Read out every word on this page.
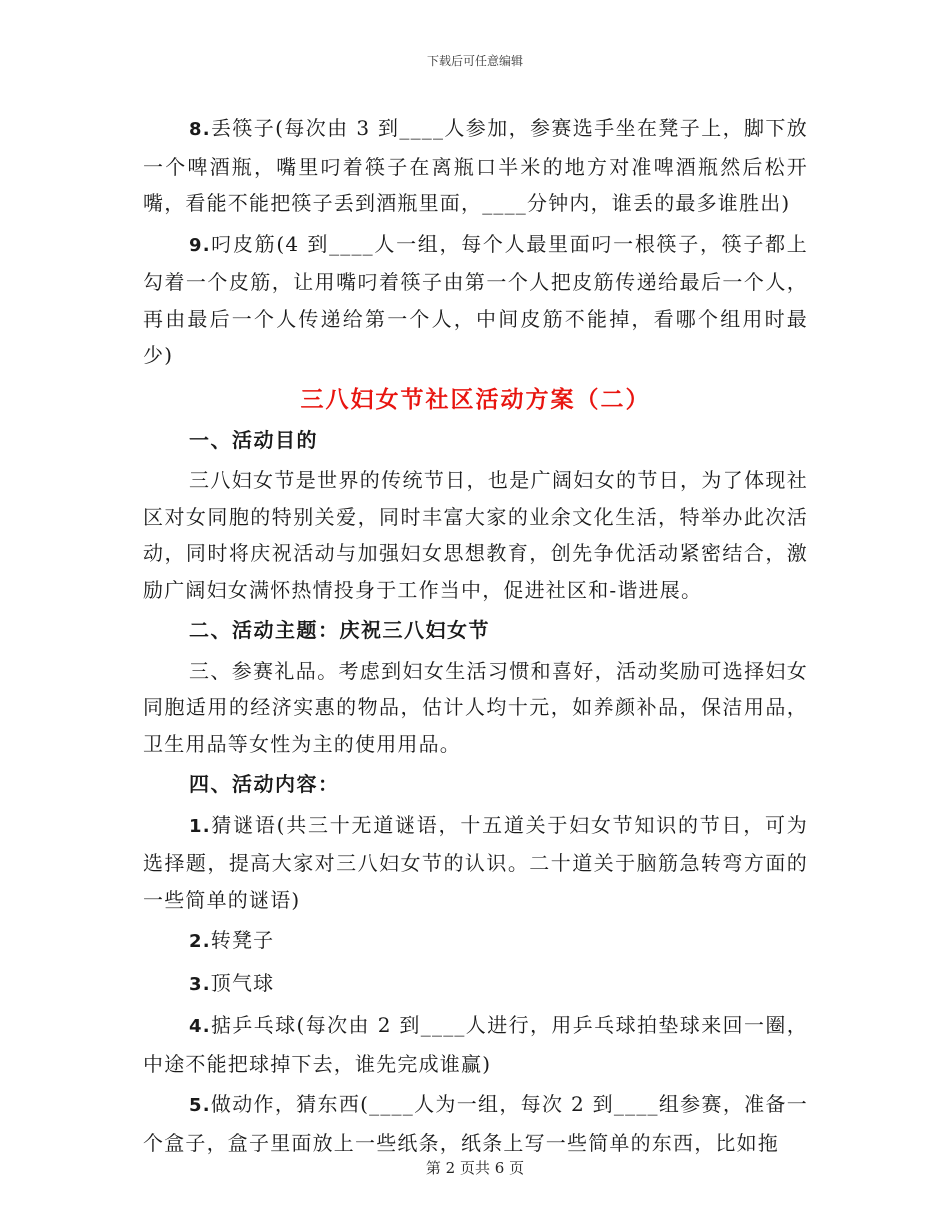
下载后可任意编辑

8.丢筷子(每次由 3 到____人参加，参赛选手坐在凳子上，脚下放一个啤酒瓶，嘴里叼着筷子在离瓶口半米的地方对准啤酒瓶然后松开嘴，看能不能把筷子丢到酒瓶里面，____分钟内，谁丢的最多谁胜出)

9.叼皮筋(4 到____人一组，每个人最里面叼一根筷子，筷子都上勾着一个皮筋，让用嘴叼着筷子由第一个人把皮筋传递给最后一个人，再由最后一个人传递给第一个人，中间皮筋不能掉，看哪个组用时最少)

三八妇女节社区活动方案（二）
一、活动目的

三八妇女节是世界的传统节日，也是广阔妇女的节日，为了体现社区对女同胞的特别关爱，同时丰富大家的业余文化生活，特举办此次活动，同时将庆祝活动与加强妇女思想教育，创先争优活动紧密结合，激励广阔妇女满怀热情投身于工作当中，促进社区和-谐进展。

二、活动主题：庆祝三八妇女节

三、参赛礼品。考虑到妇女生活习惯和喜好，活动奖励可选择妇女同胞适用的经济实惠的物品，估计人均十元，如养颜补品，保洁用品，卫生用品等女性为主的使用用品。

四、活动内容：

1.猜谜语(共三十无道谜语，十五道关于妇女节知识的节日，可为选择题，提高大家对三八妇女节的认识。二十道关于脑筋急转弯方面的一些简单的谜语)

2.转凳子

3.顶气球

4.掂乒乓球(每次由 2 到____人进行，用乒乓球拍垫球来回一圈，中途不能把球掉下去，谁先完成谁赢)

5.做动作，猜东西(____人为一组，每次 2 到____组参赛，准备一个盒子，盒子里面放上一些纸条，纸条上写一些简单的东西，比如拖

第 2 页共 6 页
